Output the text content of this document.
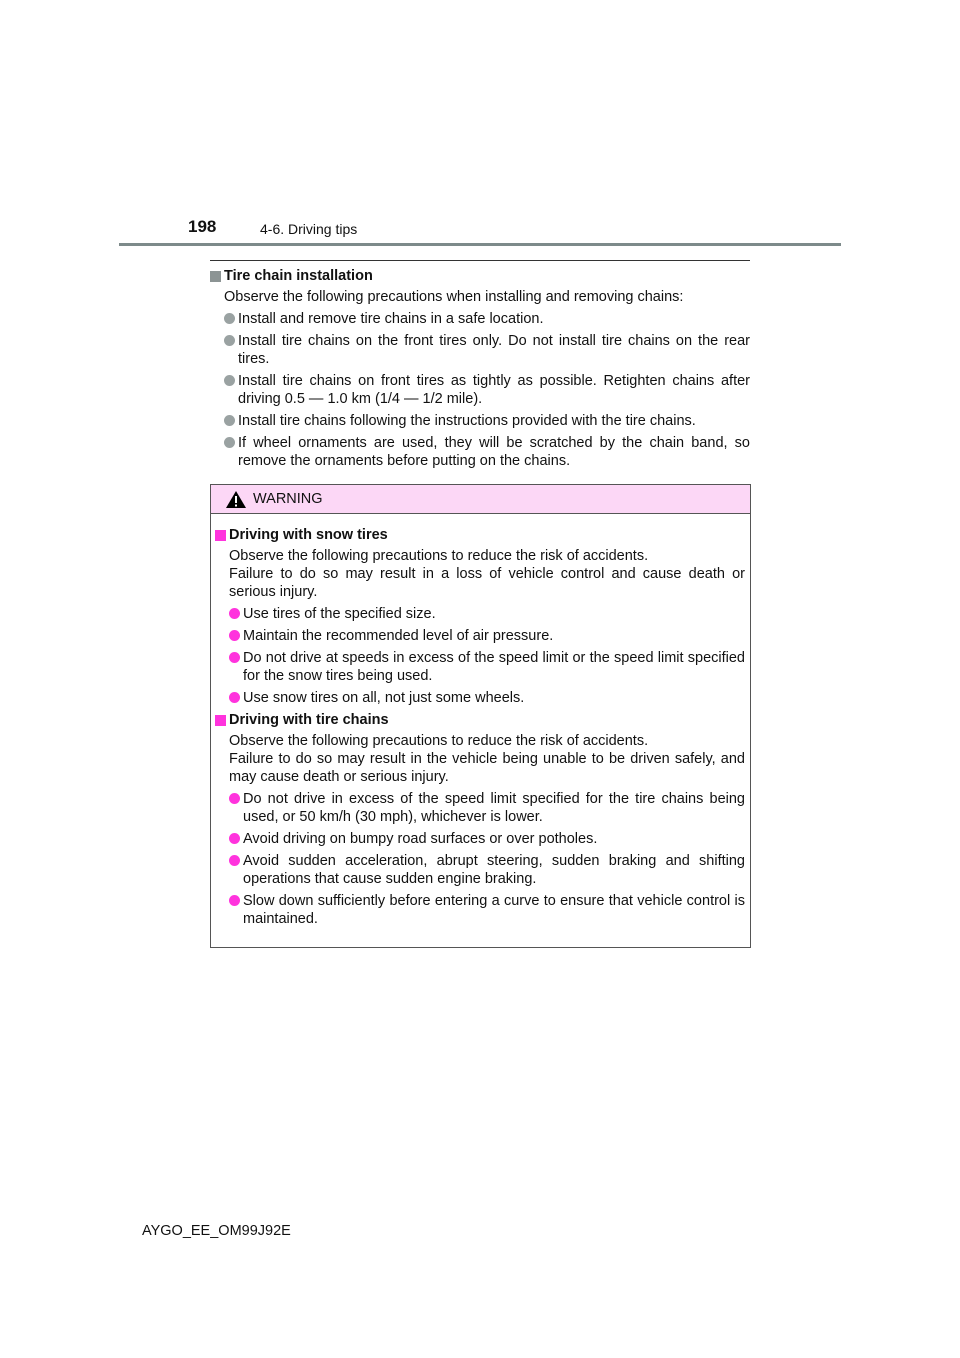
198	4-6. Driving tips
Tire chain installation
Observe the following precautions when installing and removing chains:
Install and remove tire chains in a safe location.
Install tire chains on the front tires only. Do not install tire chains on the rear tires.
Install tire chains on front tires as tightly as possible. Retighten chains after driving 0.5 — 1.0 km (1/4 — 1/2 mile).
Install tire chains following the instructions provided with the tire chains.
If wheel ornaments are used, they will be scratched by the chain band, so remove the ornaments before putting on the chains.
WARNING
Driving with snow tires
Observe the following precautions to reduce the risk of accidents.
Failure to do so may result in a loss of vehicle control and cause death or serious injury.
Use tires of the specified size.
Maintain the recommended level of air pressure.
Do not drive at speeds in excess of the speed limit or the speed limit specified for the snow tires being used.
Use snow tires on all, not just some wheels.
Driving with tire chains
Observe the following precautions to reduce the risk of accidents.
Failure to do so may result in the vehicle being unable to be driven safely, and may cause death or serious injury.
Do not drive in excess of the speed limit specified for the tire chains being used, or 50 km/h (30 mph), whichever is lower.
Avoid driving on bumpy road surfaces or over potholes.
Avoid sudden acceleration, abrupt steering, sudden braking and shifting operations that cause sudden engine braking.
Slow down sufficiently before entering a curve to ensure that vehicle control is maintained.
AYGO_EE_OM99J92E
